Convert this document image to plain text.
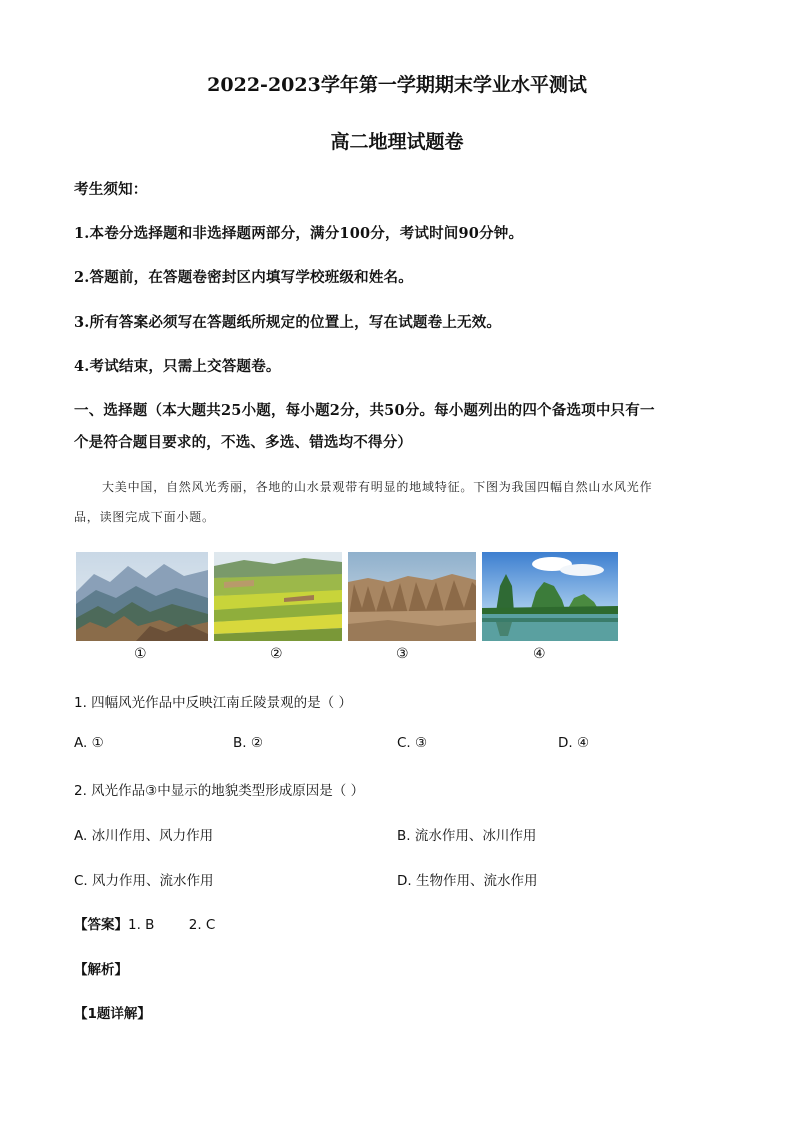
2022-2023学年第一学期期末学业水平测试
高二地理试题卷
考生须知：
1.本卷分选择题和非选择题两部分，满分100分，考试时间90分钟。
2.答题前，在答题卷密封区内填写学校班级和姓名。
3.所有答案必须写在答题纸所规定的位置上，写在试题卷上无效。
4.考试结束，只需上交答题卷。
一、选择题（本大题共25小题，每小题2分，共50分。每小题列出的四个备选项中只有一
个是符合题目要求的，不选、多选、错选均不得分）
大美中国，自然风光秀丽，各地的山水景观带有明显的地域特征。下图为我国四幅自然山水风光作
品，读图完成下面小题。
①	②	③	④
1. 四幅风光作品中反映江南丘陵景观的是（ ）
A. ①	B. ②	C. ③	D. ④
2. 风光作品③中显示的地貌类型形成原因是（ ）
A. 冰川作用、风力作用	B. 流水作用、冰川作用
C. 风力作用、流水作用	D. 生物作用、流水作用
【答案】1. B        2. C
【解析】
【1题详解】
